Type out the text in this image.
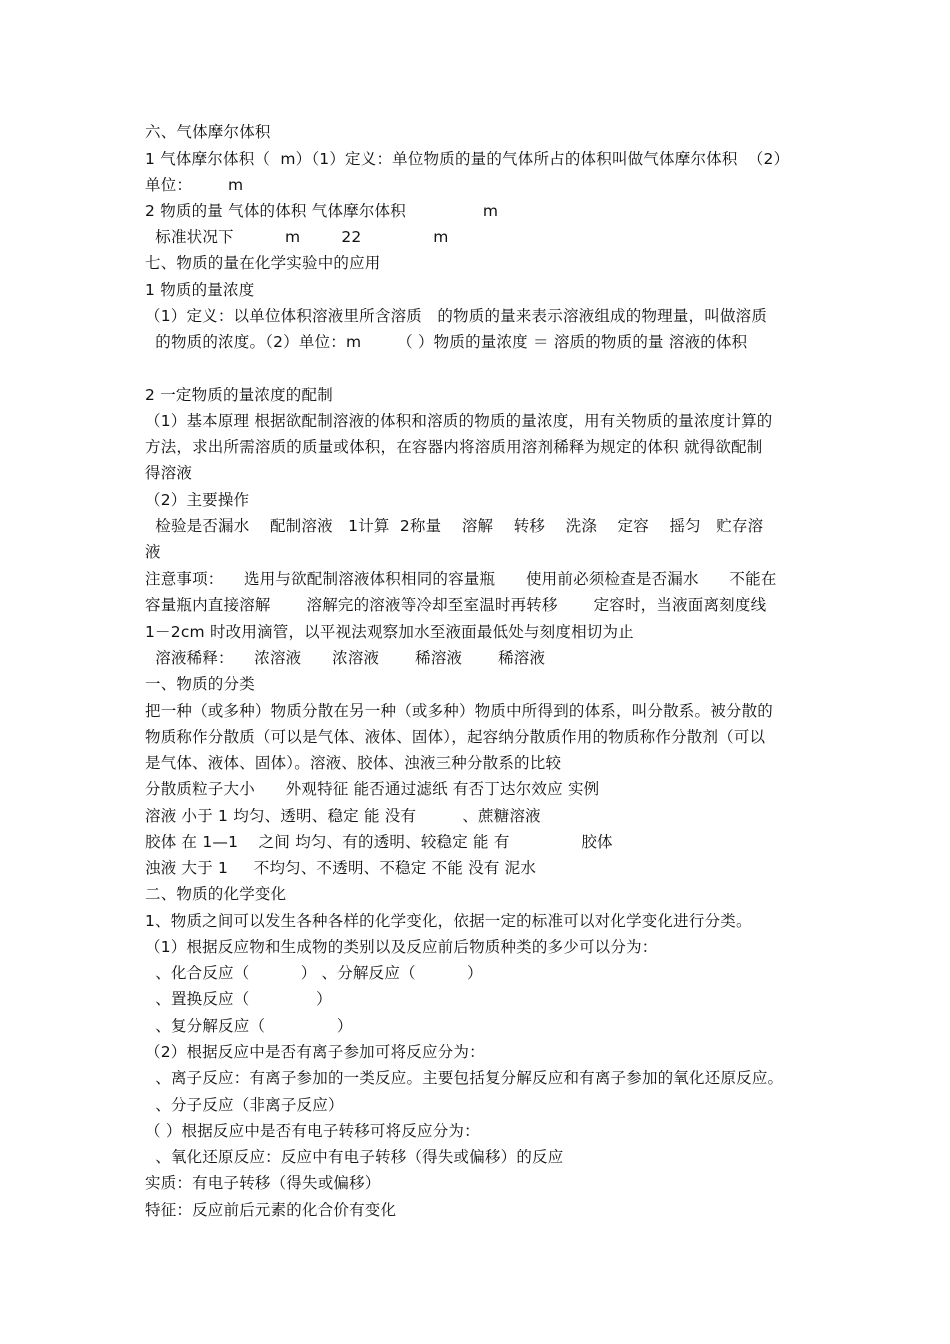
六、气体摩尔体积
1 气体摩尔体积（  m）（1）定义：单位物质的量的气体所占的体积叫做气体摩尔体积  （2）
单位：       m
2 物质的量 气体的体积 气体摩尔体积               m
标准状况下          m        22              m
七、物质的量在化学实验中的应用
1 物质的量浓度
（1）定义：以单位体积溶液里所含溶质   的物质的量来表示溶液组成的物理量，叫做溶质
的物质的浓度。（2）单位：m       （ ）物质的量浓度 ＝ 溶质的物质的量 溶液的体积
2 一定物质的量浓度的配制
（1）基本原理 根据欲配制溶液的体积和溶质的物质的量浓度，用有关物质的量浓度计算的
方法，求出所需溶质的质量或体积，在容器内将溶质用溶剂稀释为规定的体积 就得欲配制
得溶液
（2）主要操作
检验是否漏水    配制溶液   1计算  2称量    溶解    转移    洗涤    定容    摇匀   贮存溶
液
注意事项：    选用与欲配制溶液体积相同的容量瓶      使用前必须检查是否漏水      不能在
容量瓶内直接溶解       溶解完的溶液等冷却至室温时再转移       定容时，当液面离刻度线
1－2cm 时改用滴管，以平视法观察加水至液面最低处与刻度相切为止
溶液稀释：    浓溶液      浓溶液       稀溶液       稀溶液
一、物质的分类
把一种（或多种）物质分散在另一种（或多种）物质中所得到的体系，叫分散系。被分散的
物质称作分散质（可以是气体、液体、固体），起容纳分散质作用的物质称作分散剂（可以
是气体、液体、固体）。溶液、胶体、浊液三种分散系的比较
分散质粒子大小      外观特征 能否通过滤纸 有否丁达尔效应 实例
溶液 小于 1 均匀、透明、稳定 能 没有         、蔗糖溶液
胶体 在 1—1    之间 均匀、有的透明、较稳定 能 有              胶体
浊液 大于 1     不均匀、不透明、不稳定 不能 没有 泥水
二、物质的化学变化
1、物质之间可以发生各种各样的化学变化，依据一定的标准可以对化学变化进行分类。
（1）根据反应物和生成物的类别以及反应前后物质种类的多少可以分为：
、化合反应（          ） 、分解反应（          ）
、置换反应（             ）
、复分解反应（              ）
（2）根据反应中是否有离子参加可将反应分为：
、离子反应：有离子参加的一类反应。主要包括复分解反应和有离子参加的氧化还原反应。
、分子反应（非离子反应）
（ ）根据反应中是否有电子转移可将反应分为：
、氧化还原反应：反应中有电子转移（得失或偏移）的反应
实质：有电子转移（得失或偏移）
特征：反应前后元素的化合价有变化
